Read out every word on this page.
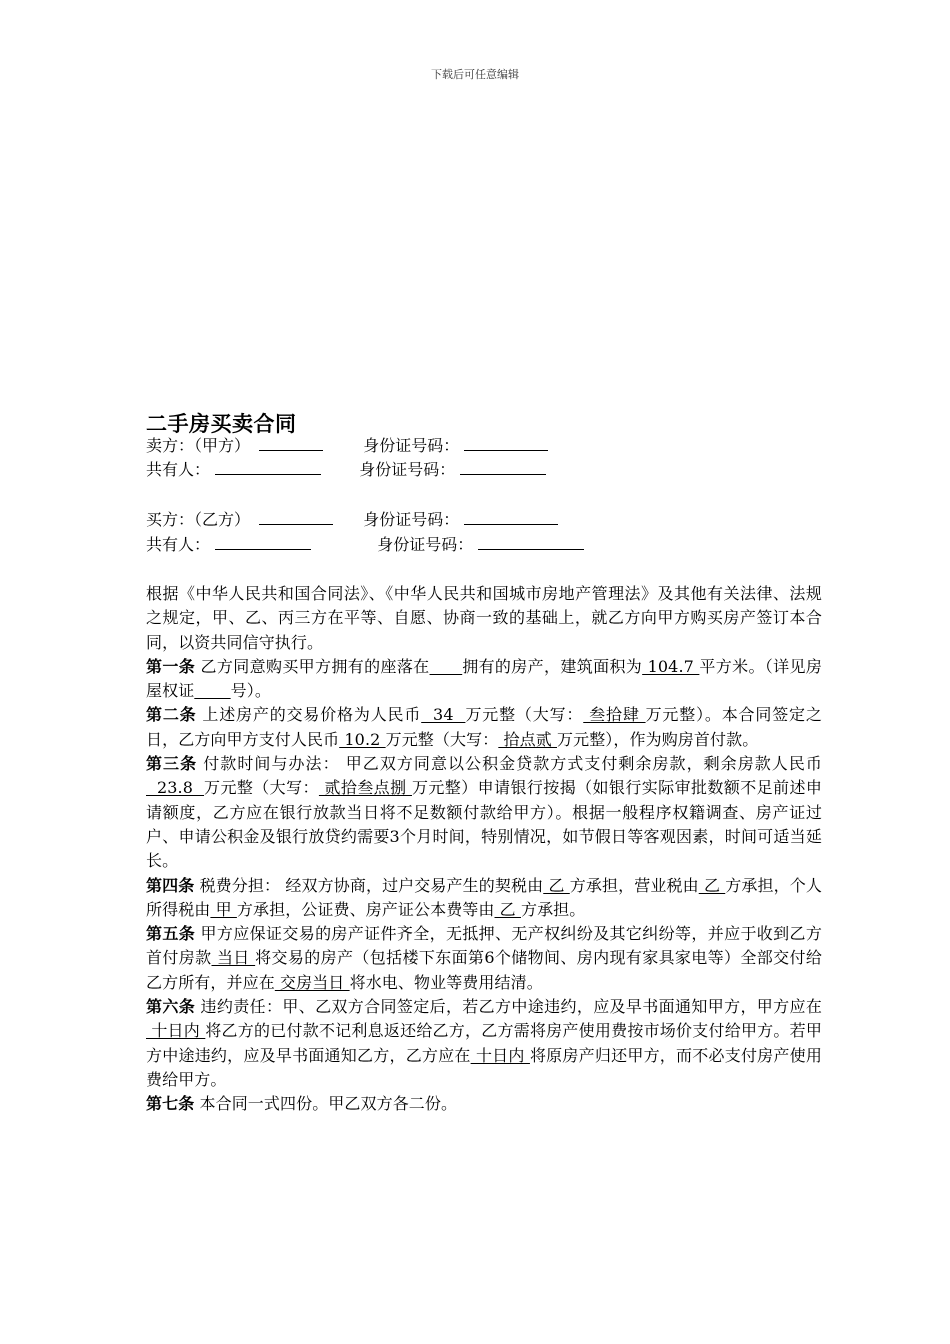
下载后可任意编辑
二手房买卖合同
卖方：（甲方）	身份证号码：
共有人：	身份证号码：
买方：（乙方）	身份证号码：
共有人：	身份证号码：

根据《中华人民共和国合同法》、《中华人民共和国城市房地产管理法》及其他有关法律、法规之规定，甲、乙、丙三方在平等、自愿、协商一致的基础上，就乙方向甲方购买房产签订本合同，以资共同信守执行。

第一条 乙方同意购买甲方拥有的座落在 拥有的房产，建筑面积为 104.7 平方米。（详见房屋权证 号）。

第二条 上述房产的交易价格为人民币  34  万元整（大写： 叁拾肆 万元整）。本合同签定之日，乙方向甲方支付人民币 10.2 万元整（大写： 拾点贰 万元整），作为购房首付款。

第三条 付款时间与办法： 甲乙双方同意以公积金贷款方式支付剩余房款，剩余房款人民币  23.8  万元整（大写： 贰拾叁点捌 万元整）申请银行按揭（如银行实际审批数额不足前述申请额度，乙方应在银行放款当日将不足数额付款给甲方）。根据一般程序权籍调查、房产证过户、申请公积金及银行放贷约需要3个月时间，特别情况，如节假日等客观因素，时间可适当延长。

第四条 税费分担： 经双方协商，过户交易产生的契税由 乙 方承担，营业税由 乙 方承担，个人所得税由 甲 方承担，公证费、房产证公本费等由 乙 方承担。

第五条 甲方应保证交易的房产证件齐全，无抵押、无产权纠纷及其它纠纷等，并应于收到乙方首付房款 当日 将交易的房产（包括楼下东面第6个储物间、房内现有家具家电等）全部交付给乙方所有，并应在 交房当日 将水电、物业等费用结清。

第六条 违约责任：甲、乙双方合同签定后，若乙方中途违约，应及早书面通知甲方，甲方应在 十日内 将乙方的已付款不记利息返还给乙方，乙方需将房产使用费按市场价支付给甲方。若甲方中途违约，应及早书面通知乙方，乙方应在 十日内 将原房产归还甲方，而不必支付房产使用费给甲方。

第七条 本合同一式四份。甲乙双方各二份。
